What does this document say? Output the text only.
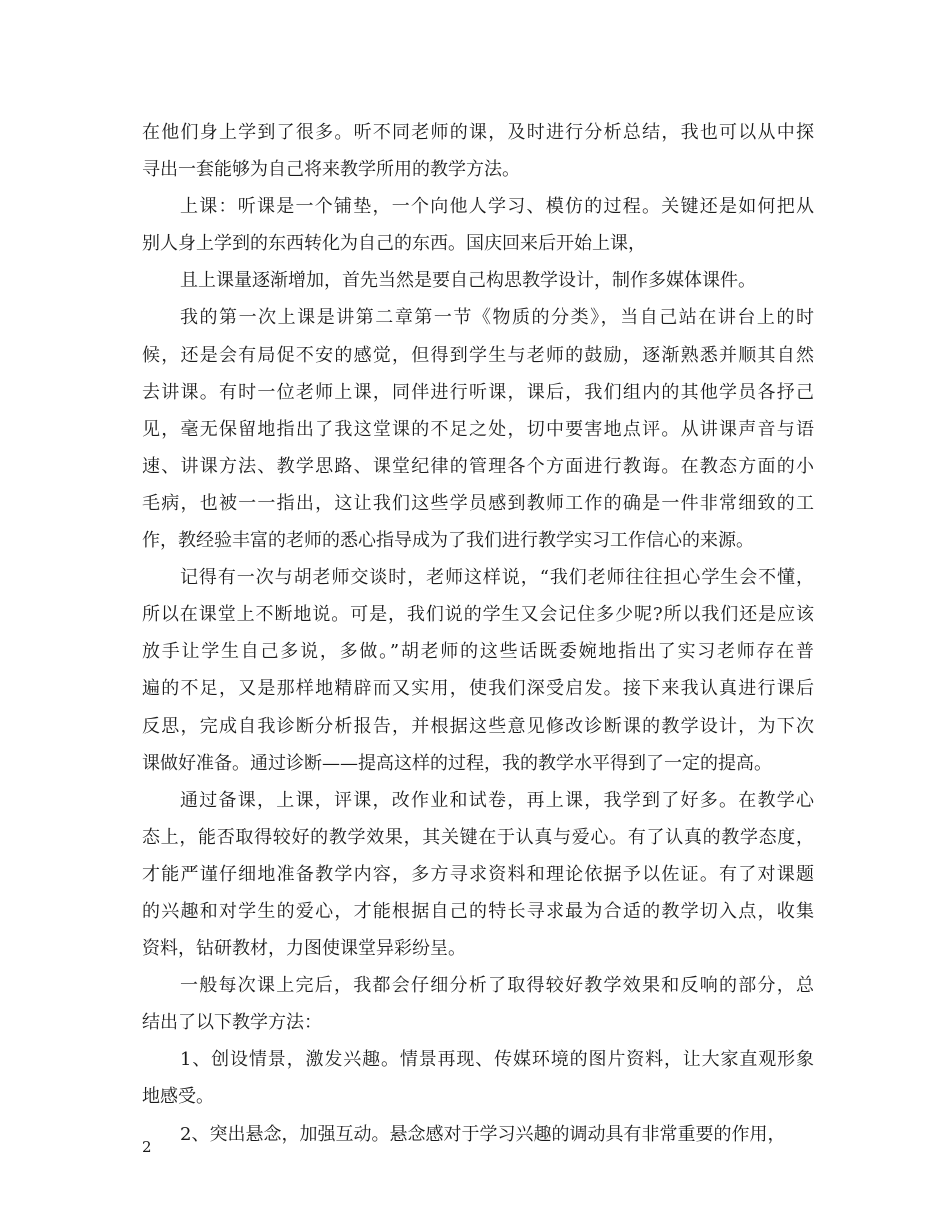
在他们身上学到了很多。听不同老师的课，及时进行分析总结，我也可以从中探
寻出一套能够为自己将来教学所用的教学方法。
上课：听课是一个铺垫，一个向他人学习、模仿的过程。关键还是如何把从
别人身上学到的东西转化为自己的东西。国庆回来后开始上课，
且上课量逐渐增加，首先当然是要自己构思教学设计，制作多媒体课件。
我的第一次上课是讲第二章第一节《物质的分类》，当自己站在讲台上的时
候，还是会有局促不安的感觉，但得到学生与老师的鼓励，逐渐熟悉并顺其自然
去讲课。有时一位老师上课，同伴进行听课，课后，我们组内的其他学员各抒己
见，毫无保留地指出了我这堂课的不足之处，切中要害地点评。从讲课声音与语
速、讲课方法、教学思路、课堂纪律的管理各个方面进行教诲。在教态方面的小
毛病，也被一一指出，这让我们这些学员感到教师工作的确是一件非常细致的工
作，教经验丰富的老师的悉心指导成为了我们进行教学实习工作信心的来源。
记得有一次与胡老师交谈时，老师这样说，“我们老师往往担心学生会不懂，
所以在课堂上不断地说。可是，我们说的学生又会记住多少呢?所以我们还是应该
放手让学生自己多说，多做。”胡老师的这些话既委婉地指出了实习老师存在普
遍的不足，又是那样地精辟而又实用，使我们深受启发。接下来我认真进行课后
反思，完成自我诊断分析报告，并根据这些意见修改诊断课的教学设计，为下次
课做好准备。通过诊断——提高这样的过程，我的教学水平得到了一定的提高。
通过备课，上课，评课，改作业和试卷，再上课，我学到了好多。在教学心
态上，能否取得较好的教学效果，其关键在于认真与爱心。有了认真的教学态度，
才能严谨仔细地准备教学内容，多方寻求资料和理论依据予以佐证。有了对课题
的兴趣和对学生的爱心，才能根据自己的特长寻求最为合适的教学切入点，收集
资料，钻研教材，力图使课堂异彩纷呈。
一般每次课上完后，我都会仔细分析了取得较好教学效果和反响的部分，总
结出了以下教学方法：
1、创设情景，激发兴趣。情景再现、传媒环境的图片资料，让大家直观形象
地感受。
2、突出悬念，加强互动。悬念感对于学习兴趣的调动具有非常重要的作用，
2
